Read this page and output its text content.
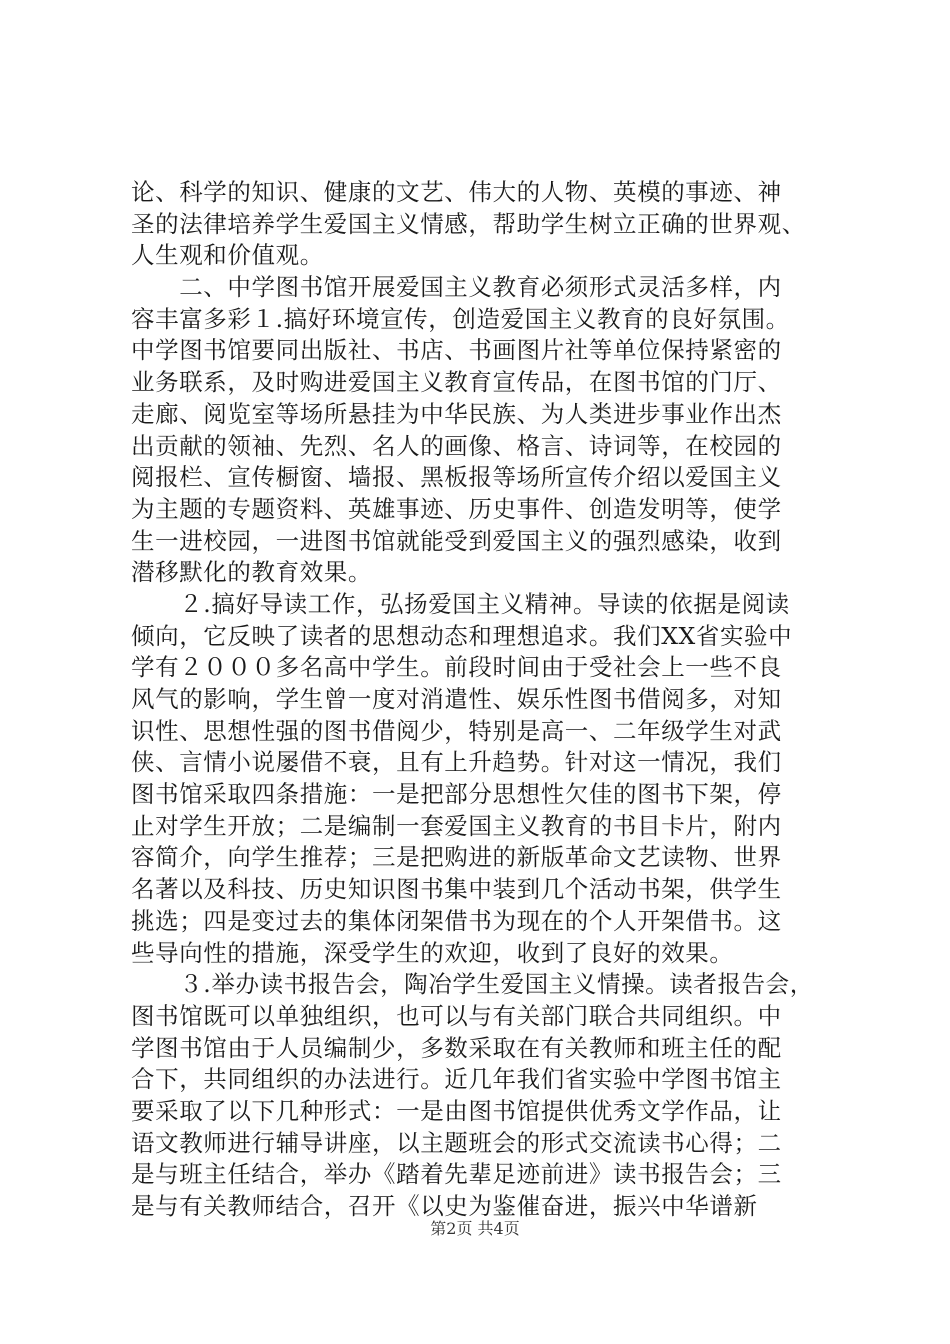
论、科学的知识、健康的文艺、伟大的人物、英模的事迹、神
圣的法律培养学生爱国主义情感，帮助学生树立正确的世界观、
人生观和价值观。
　　二、中学图书馆开展爱国主义教育必须形式灵活多样，内
容丰富多彩１.搞好环境宣传，创造爱国主义教育的良好氛围。
中学图书馆要同出版社、书店、书画图片社等单位保持紧密的
业务联系，及时购进爱国主义教育宣传品，在图书馆的门厅、
走廊、阅览室等场所悬挂为中华民族、为人类进步事业作出杰
出贡献的领袖、先烈、名人的画像、格言、诗词等，在校园的
阅报栏、宣传橱窗、墙报、黑板报等场所宣传介绍以爱国主义
为主题的专题资料、英雄事迹、历史事件、创造发明等，使学
生一进校园，一进图书馆就能受到爱国主义的强烈感染，收到
潜移默化的教育效果。
　　２.搞好导读工作，弘扬爱国主义精神。导读的依据是阅读
倾向，它反映了读者的思想动态和理想追求。我们XX省实验中
学有２０００多名高中学生。前段时间由于受社会上一些不良
风气的影响，学生曾一度对消遣性、娱乐性图书借阅多，对知
识性、思想性强的图书借阅少，特别是高一、二年级学生对武
侠、言情小说屡借不衰，且有上升趋势。针对这一情况，我们
图书馆采取四条措施：一是把部分思想性欠佳的图书下架，停
止对学生开放；二是编制一套爱国主义教育的书目卡片，附内
容简介，向学生推荐；三是把购进的新版革命文艺读物、世界
名著以及科技、历史知识图书集中装到几个活动书架，供学生
挑选；四是变过去的集体闭架借书为现在的个人开架借书。这
些导向性的措施，深受学生的欢迎，收到了良好的效果。
　　３.举办读书报告会，陶冶学生爱国主义情操。读者报告会，
图书馆既可以单独组织，也可以与有关部门联合共同组织。中
学图书馆由于人员编制少，多数采取在有关教师和班主任的配
合下，共同组织的办法进行。近几年我们省实验中学图书馆主
要采取了以下几种形式：一是由图书馆提供优秀文学作品，让
语文教师进行辅导讲座，以主题班会的形式交流读书心得；二
是与班主任结合，举办《踏着先辈足迹前进》读书报告会；三
是与有关教师结合，召开《以史为鉴催奋进，振兴中华谱新
第2页 共4页
